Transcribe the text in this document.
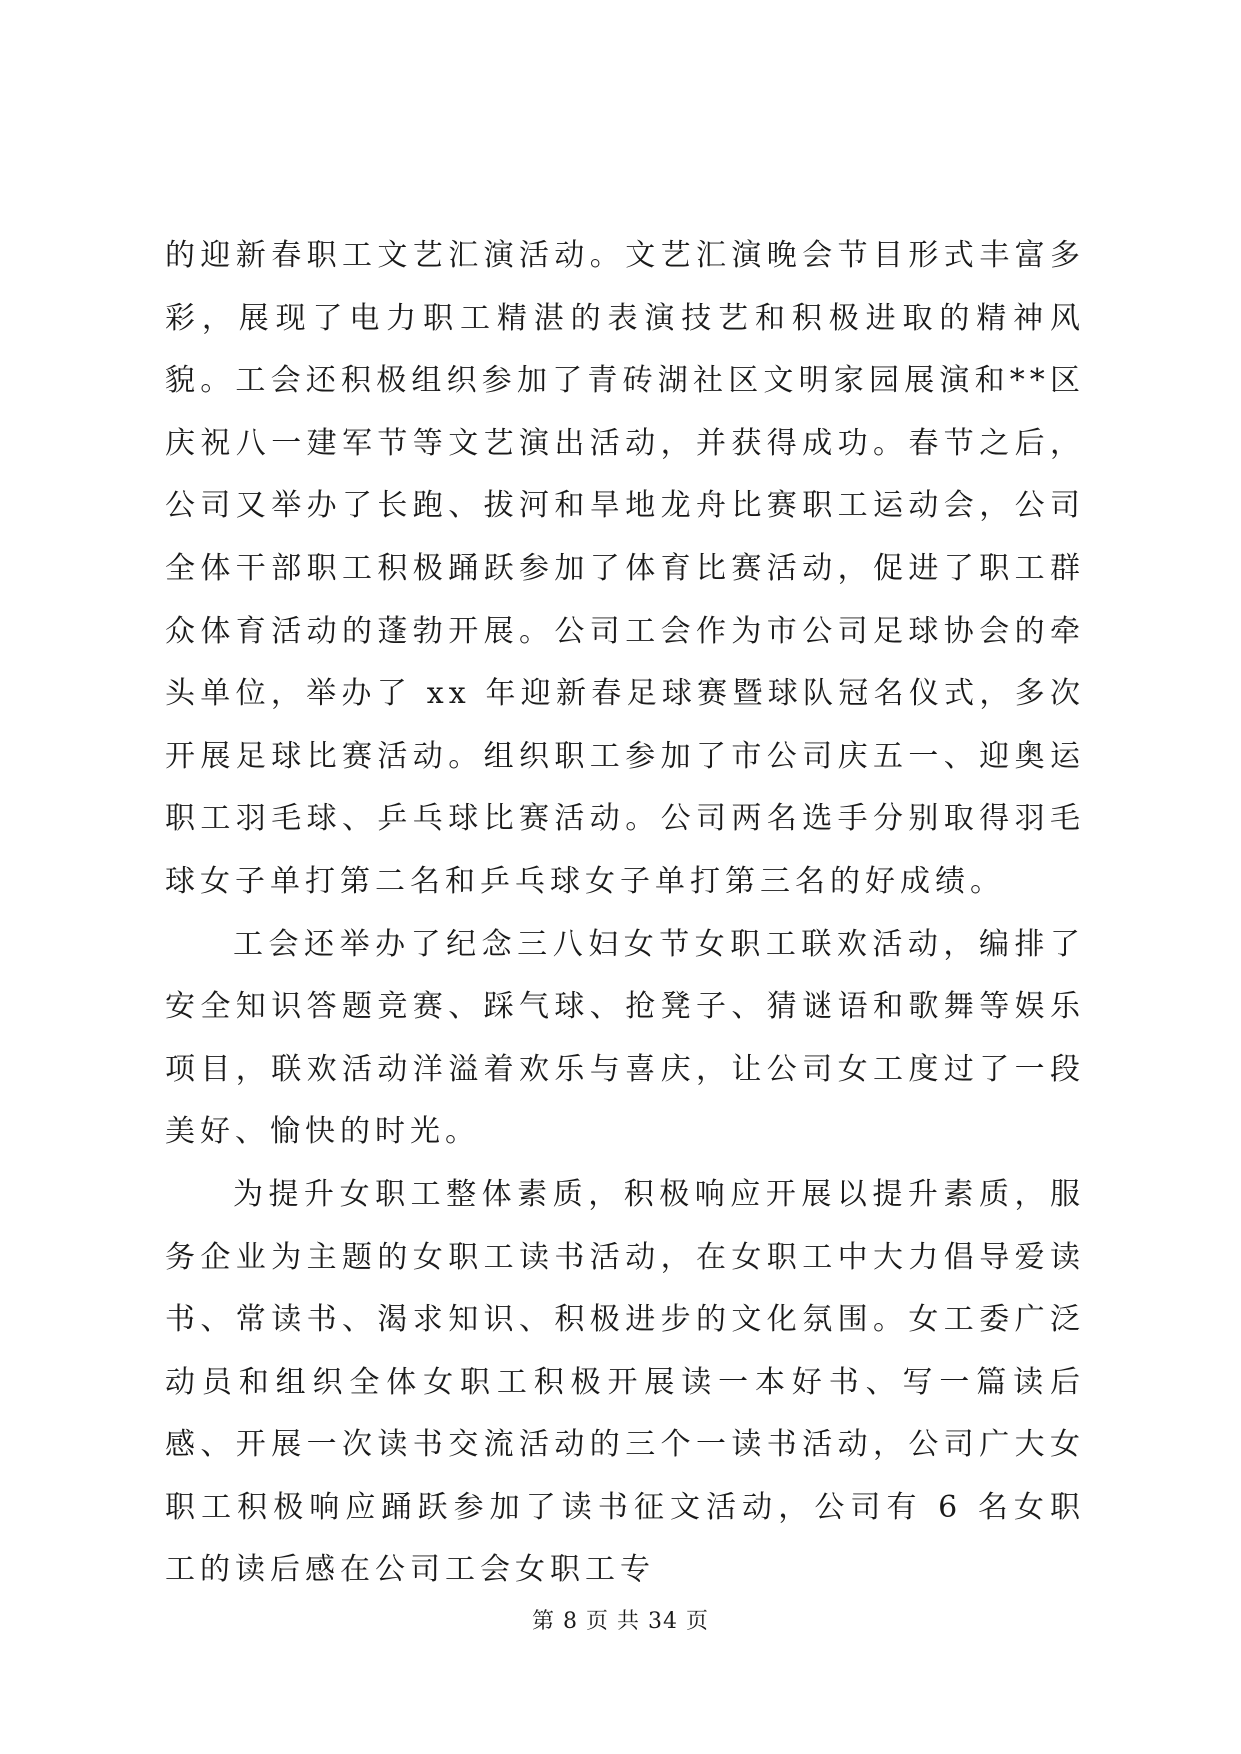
的迎新春职工文艺汇演活动。文艺汇演晚会节目形式丰富多彩，展现了电力职工精湛的表演技艺和积极进取的精神风貌。工会还积极组织参加了青砖湖社区文明家园展演和**区庆祝八一建军节等文艺演出活动，并获得成功。春节之后，公司又举办了长跑、拔河和旱地龙舟比赛职工运动会，公司全体干部职工积极踊跃参加了体育比赛活动，促进了职工群众体育活动的蓬勃开展。公司工会作为市公司足球协会的牵头单位，举办了 xx 年迎新春足球赛暨球队冠名仪式，多次开展足球比赛活动。组织职工参加了市公司庆五一、迎奥运职工羽毛球、乒乓球比赛活动。公司两名选手分别取得羽毛球女子单打第二名和乒乓球女子单打第三名的好成绩。

工会还举办了纪念三八妇女节女职工联欢活动，编排了安全知识答题竞赛、踩气球、抢凳子、猜谜语和歌舞等娱乐项目，联欢活动洋溢着欢乐与喜庆，让公司女工度过了一段美好、愉快的时光。

为提升女职工整体素质，积极响应开展以提升素质，服务企业为主题的女职工读书活动，在女职工中大力倡导爱读书、常读书、渴求知识、积极进步的文化氛围。女工委广泛动员和组织全体女职工积极开展读一本好书、写一篇读后感、开展一次读书交流活动的三个一读书活动，公司广大女职工积极响应踊跃参加了读书征文活动，公司有 6 名女职工的读后感在公司工会女职工专

第 8 页 共 34 页
